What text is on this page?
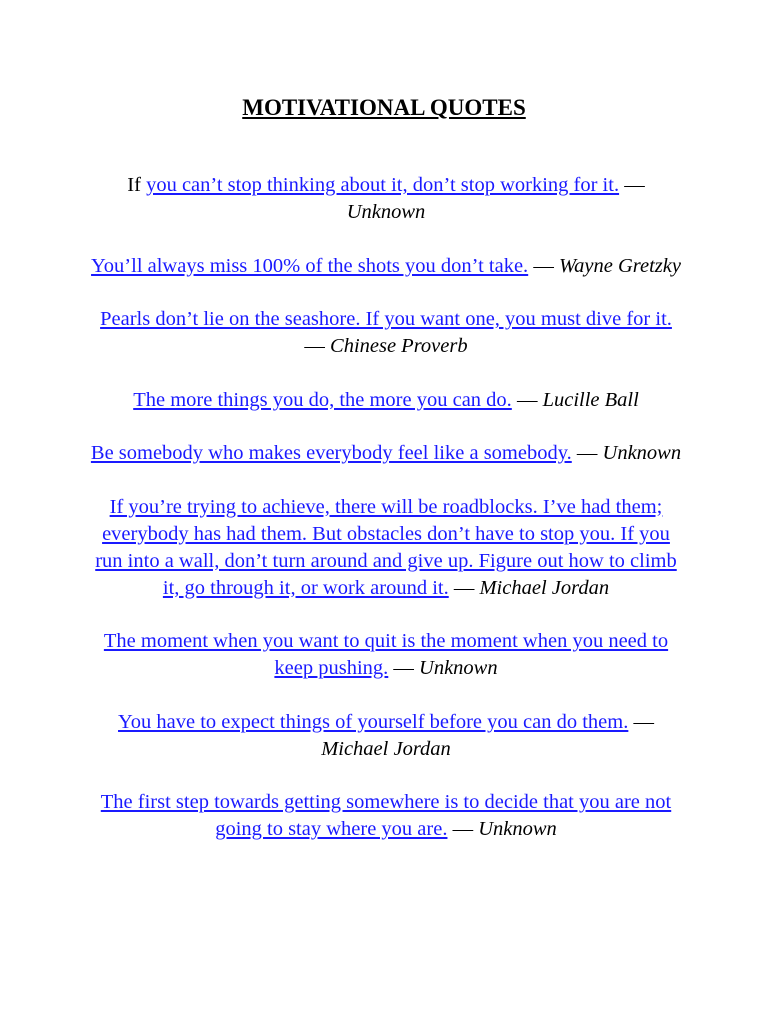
MOTIVATIONAL QUOTES
If you can’t stop thinking about it, don’t stop working for it. — Unknown
You’ll always miss 100% of the shots you don’t take. — Wayne Gretzky
Pearls don’t lie on the seashore. If you want one, you must dive for it. — Chinese Proverb
The more things you do, the more you can do. — Lucille Ball
Be somebody who makes everybody feel like a somebody. — Unknown
If you’re trying to achieve, there will be roadblocks. I’ve had them; everybody has had them. But obstacles don’t have to stop you. If you run into a wall, don’t turn around and give up. Figure out how to climb it, go through it, or work around it. — Michael Jordan
The moment when you want to quit is the moment when you need to keep pushing. — Unknown
You have to expect things of yourself before you can do them. — Michael Jordan
The first step towards getting somewhere is to decide that you are not going to stay where you are. — Unknown
